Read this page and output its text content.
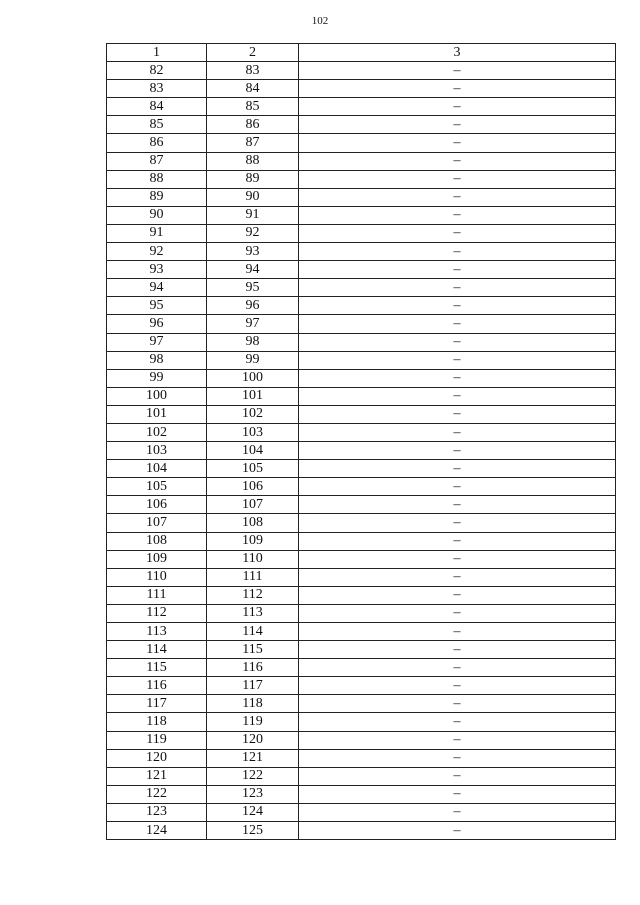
102
1	2	3
82	83	–
83	84	–
84	85	–
85	86	–
86	87	–
87	88	–
88	89	–
89	90	–
90	91	–
91	92	–
92	93	–
93	94	–
94	95	–
95	96	–
96	97	–
97	98	–
98	99	–
99	100	–
100	101	–
101	102	–
102	103	–
103	104	–
104	105	–
105	106	–
106	107	–
107	108	–
108	109	–
109	110	–
110	111	–
111	112	–
112	113	–
113	114	–
114	115	–
115	116	–
116	117	–
117	118	–
118	119	–
119	120	–
120	121	–
121	122	–
122	123	–
123	124	–
124	125	–
